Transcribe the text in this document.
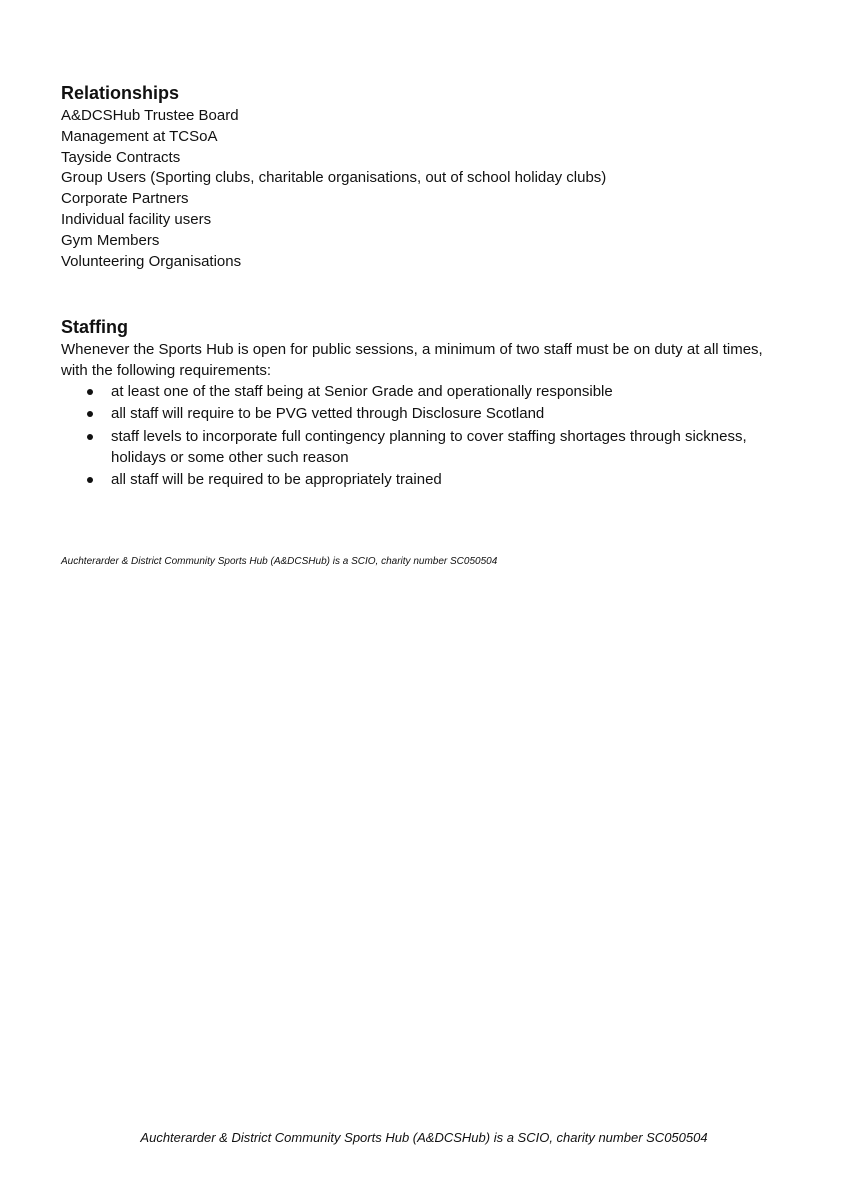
Relationships
A&DCSHub Trustee Board
Management at TCSoA
Tayside Contracts
Group Users (Sporting clubs, charitable organisations, out of school holiday clubs)
Corporate Partners
Individual facility users
Gym Members
Volunteering Organisations
Staffing

Whenever the Sports Hub is open for public sessions, a minimum of two staff must be on duty at all times, with the following requirements:

at least one of the staff being at Senior Grade and operationally responsible
all staff will require to be PVG vetted through Disclosure Scotland
staff levels to incorporate full contingency planning to cover staffing shortages through sickness, holidays or some other such reason
all staff will be required to be appropriately trained

Auchterarder & District Community Sports Hub (A&DCSHub) is a SCIO, charity number SC050504

Auchterarder & District Community Sports Hub (A&DCSHub) is a SCIO, charity number SC050504
